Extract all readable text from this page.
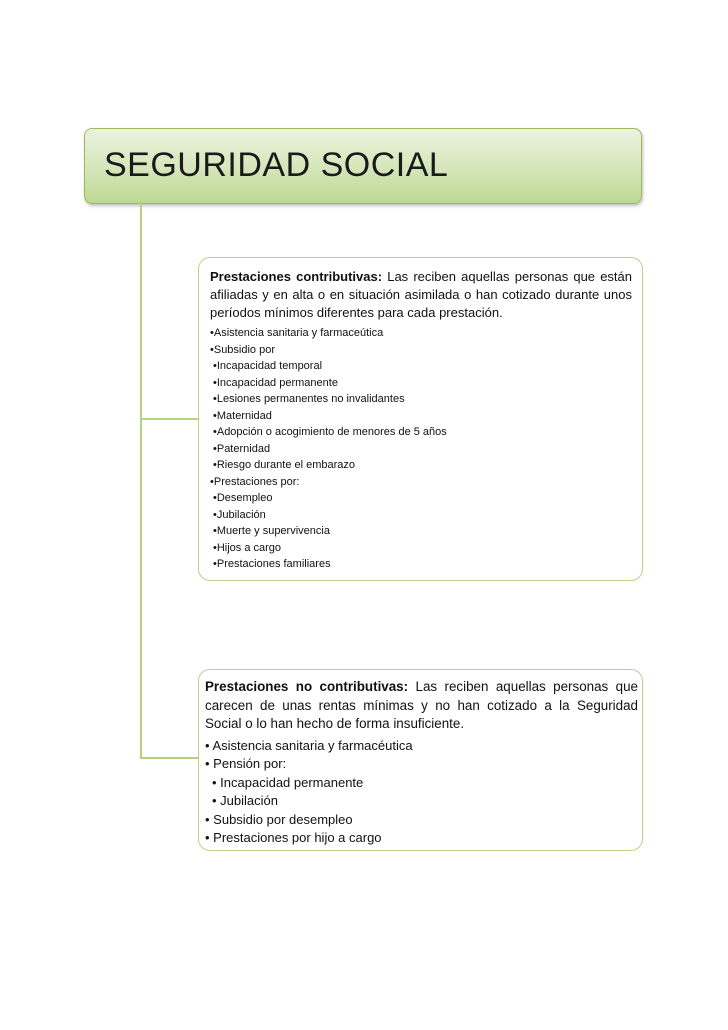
SEGURIDAD SOCIAL

Prestaciones contributivas: Las reciben aquellas personas que están afiliadas y en alta o en situación asimilada o han cotizado durante unos períodos mínimos diferentes para cada prestación.

•Asistencia sanitaria y farmaceútica
•Subsidio por
•Incapacidad temporal
•Incapacidad permanente
•Lesiones permanentes no invalidantes
•Maternidad
•Adopción o acogimiento de menores de 5 años
•Paternidad
•Riesgo durante el embarazo
•Prestaciones por:
•Desempleo
•Jubilación
•Muerte y supervivencia
•Hijos a cargo
•Prestaciones familiares

Prestaciones no contributivas: Las reciben aquellas personas que carecen de unas rentas mínimas y no han cotizado a la Seguridad Social o lo han hecho de forma insuficiente.

• Asistencia sanitaria y farmacéutica
• Pensión por:
• Incapacidad permanente
• Jubilación
• Subsidio por desempleo
• Prestaciones por hijo a cargo
